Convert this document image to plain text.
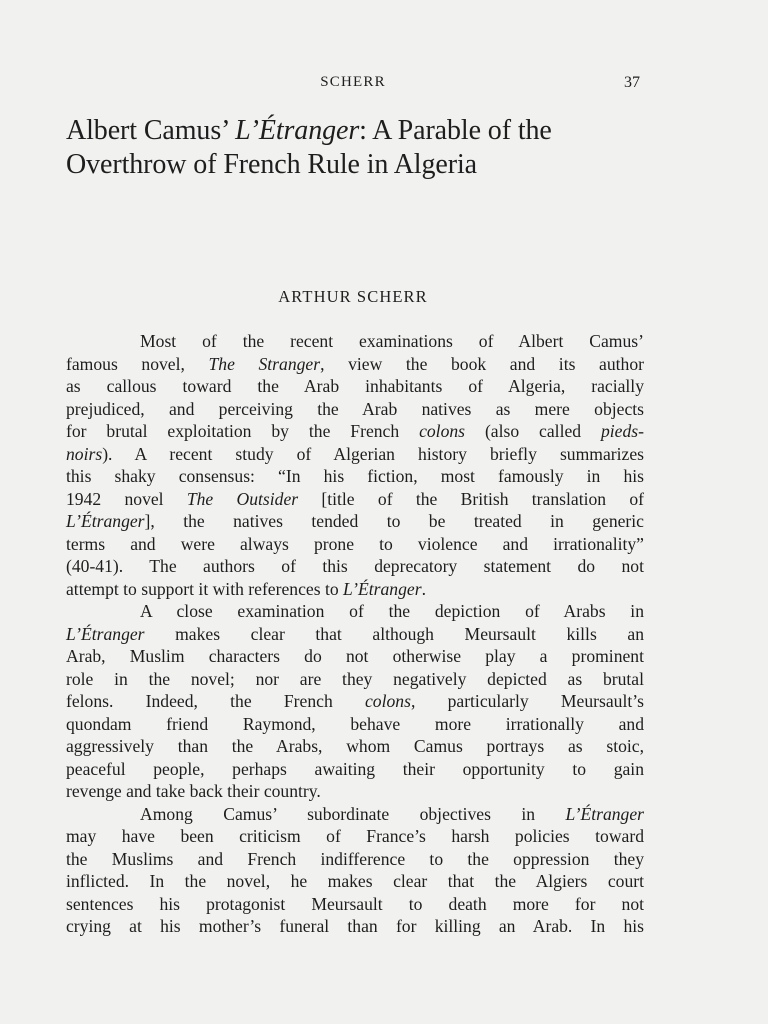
SCHERR	37
Albert Camus’ L’Étranger: A Parable of the Overthrow of French Rule in Algeria
ARTHUR SCHERR
Most of the recent examinations of Albert Camus’
famous novel, The Stranger, view the book and its author
as callous toward the Arab inhabitants of Algeria, racially
prejudiced, and perceiving the Arab natives as mere objects
for brutal exploitation by the French colons (also called pieds-
noirs). A recent study of Algerian history briefly summarizes
this shaky consensus: “In his fiction, most famously in his
1942 novel The Outsider [title of the British translation of
L’Étranger], the natives tended to be treated in generic
terms and were always prone to violence and irrationality”
(40-41). The authors of this deprecatory statement do not
attempt to support it with references to L’Étranger.
A close examination of the depiction of Arabs in
L’Étranger makes clear that although Meursault kills an
Arab, Muslim characters do not otherwise play a prominent
role in the novel; nor are they negatively depicted as brutal
felons. Indeed, the French colons, particularly Meursault’s
quondam friend Raymond, behave more irrationally and
aggressively than the Arabs, whom Camus portrays as stoic,
peaceful people, perhaps awaiting their opportunity to gain
revenge and take back their country.
Among Camus’ subordinate objectives in L’Étranger
may have been criticism of France’s harsh policies toward
the Muslims and French indifference to the oppression they
inflicted. In the novel, he makes clear that the Algiers court
sentences his protagonist Meursault to death more for not
crying at his mother’s funeral than for killing an Arab. In his
